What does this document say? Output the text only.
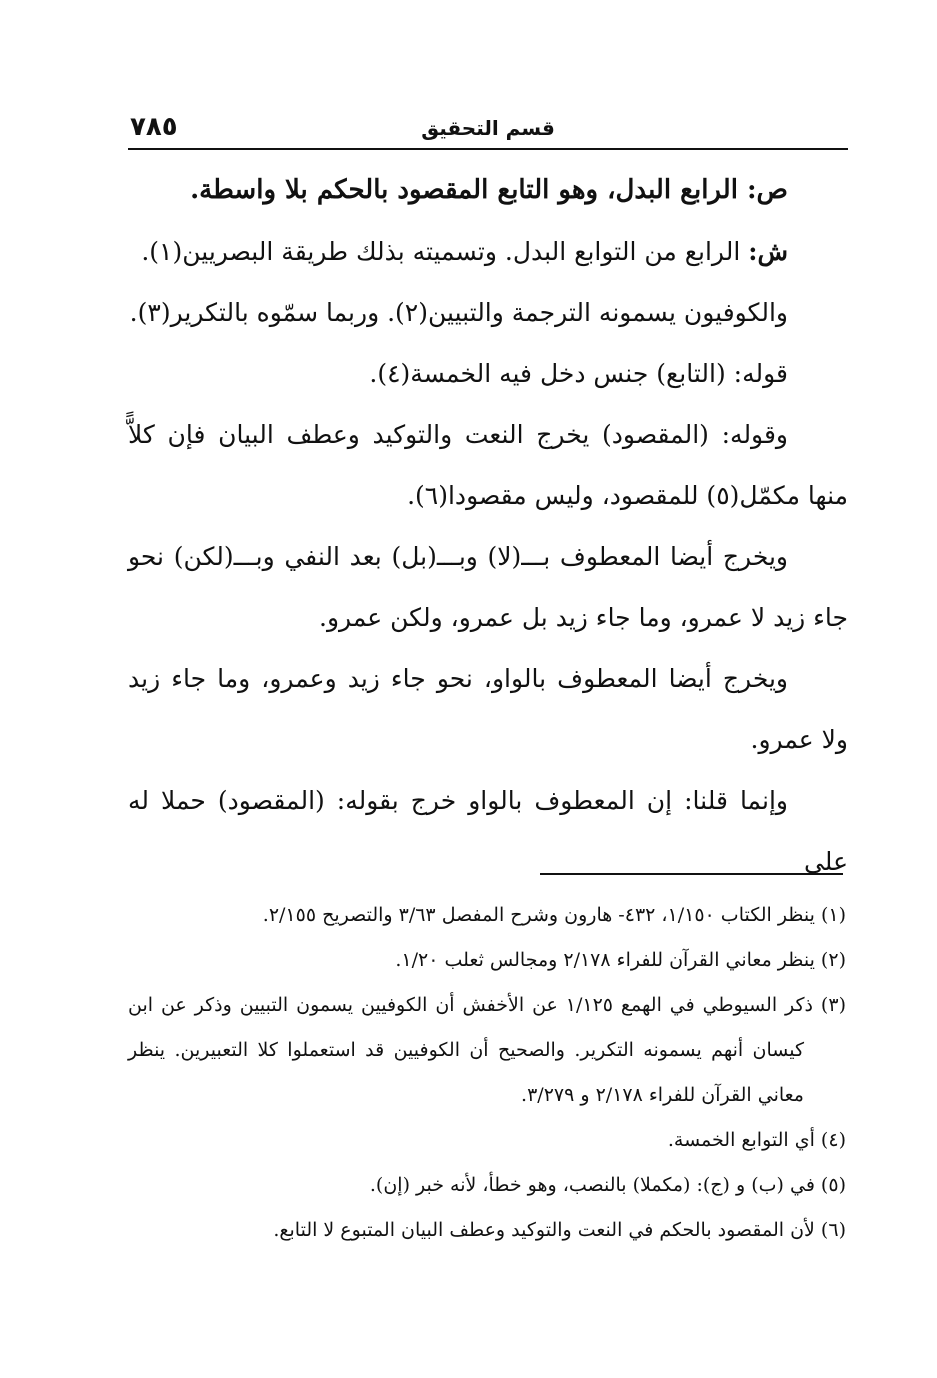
٧٨٥	قسم التحقيق

ص: الرابع البدل، وهو التابع المقصود بالحكم بلا واسطة.

ش: الرابع من التوابع البدل. وتسميته بذلك طريقة البصريين(١).

والكوفيون يسمونه الترجمة والتبيين(٢). وربما سمّوه بالتكرير(٣).

قوله: (التابع) جنس دخل فيه الخمسة(٤).

وقوله: (المقصود) يخرج النعت والتوكيد وعطف البيان فإن كلاًّ منها مكمّل(٥) للمقصود، وليس مقصودا(٦).

ويخرج أيضا المعطوف بـــ(لا) وبـــ(بل) بعد النفي وبـــ(لكن) نحو جاء زيد لا عمرو، وما جاء زيد بل عمرو، ولكن عمرو.

ويخرج أيضا المعطوف بالواو، نحو جاء زيد وعمرو، وما جاء زيد ولا عمرو.

وإنما قلنا: إن المعطوف بالواو خرج بقوله: (المقصود) حملا له على

(١) ينظر الكتاب ١/١٥٠، ٤٣٢- هارون وشرح المفصل ٣/٦٣ والتصريح ٢/١٥٥.

(٢) ينظر معاني القرآن للفراء ٢/١٧٨ ومجالس ثعلب ١/٢٠.

(٣) ذكر السيوطي في الهمع ١/١٢٥ عن الأخفش أن الكوفيين يسمون التبيين وذكر عن ابن كيسان أنهم يسمونه التكرير. والصحيح أن الكوفيين قد استعملوا كلا التعبيرين. ينظر معاني القرآن للفراء ٢/١٧٨ و ٣/٢٧٩.

(٤) أي التوابع الخمسة.

(٥) في (ب) و (ج): (مكملا) بالنصب، وهو خطأ، لأنه خبر (إن).

(٦) لأن المقصود بالحكم في النعت والتوكيد وعطف البيان المتبوع لا التابع.
